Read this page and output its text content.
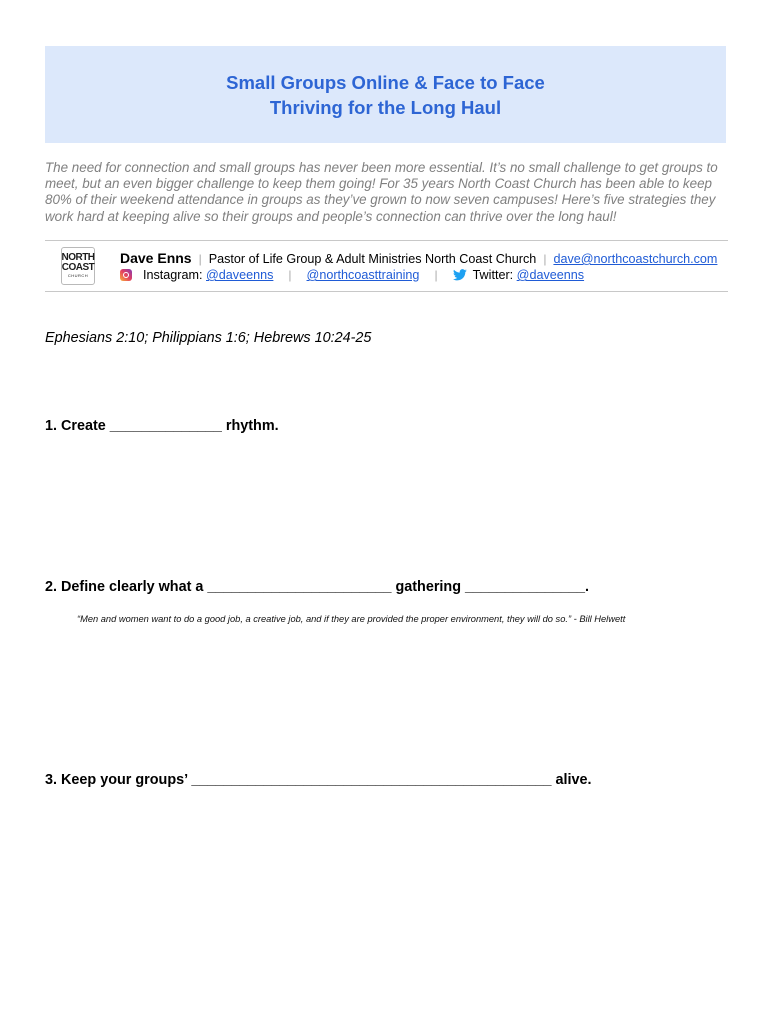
Small Groups Online & Face to Face
Thriving for the Long Haul
The need for connection and small groups has never been more essential. It’s no small challenge to get groups to meet, but an even bigger challenge to keep them going! For 35 years North Coast Church has been able to keep 80% of their weekend attendance in groups as they’ve grown to now seven campuses! Here’s five strategies they work hard at keeping alive so their groups and people’s connection can thrive over the long haul!
NORTH
COAST
CHURCH
Dave Enns | Pastor of Life Group & Adult Ministries North Coast Church | dave@northcoastchurch.com
Instagram:
@daveenns | @northcoasttraining |	Twitter:
@daveenns
Ephesians 2:10; Philippians 1:6; Hebrews 10:24-25
1. Create ______________ rhythm.
2. Define clearly what a _______________________ gathering _______________.
“Men and women want to do a good job, a creative job, and if they are provided the proper environment, they will do so.” - Bill Helwett
3. Keep your groups’ _____________________________________________ alive.
